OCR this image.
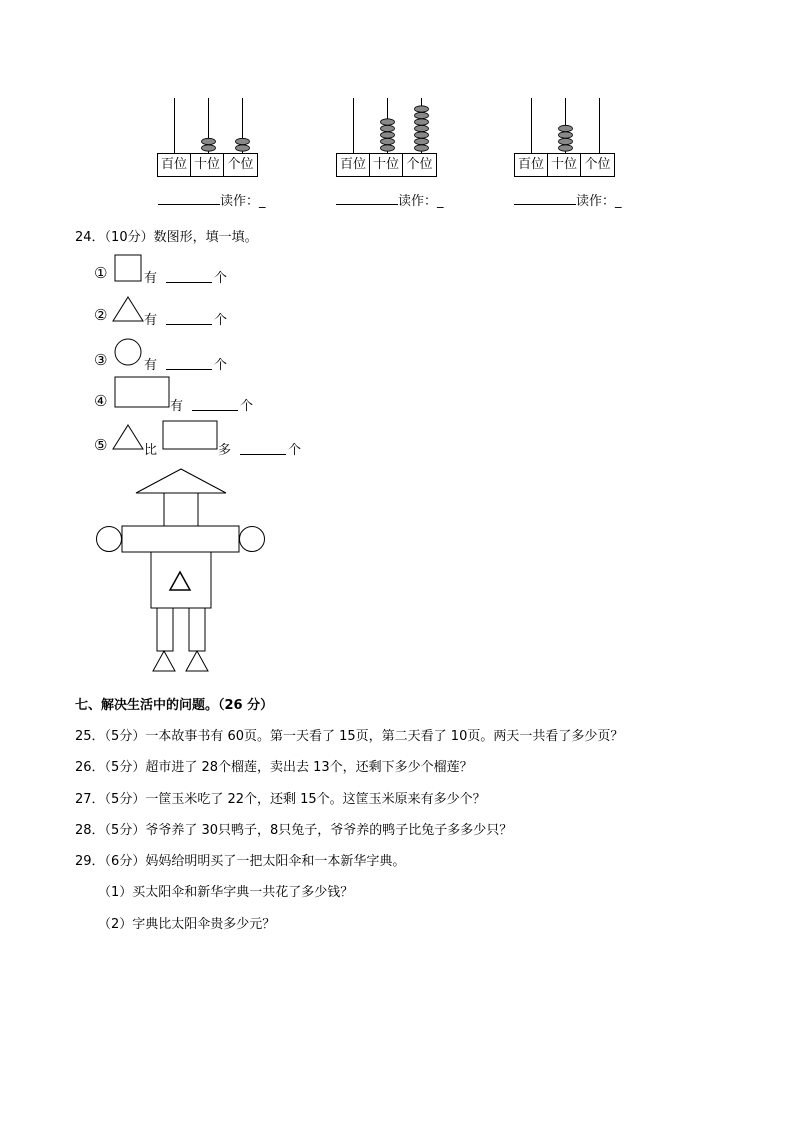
百位 十位 个位
读作：_
百位 十位 个位
读作：_
百位 十位 个位
读作：_
24．（10分）数图形，填一填。
①	有	个
②	有	个
③	有	个
④	有	个
⑤	比	多	个
七、解决生活中的问题。（26 分）
25．（5分）一本故事书有 60页。第一天看了 15页，第二天看了 10页。两天一共看了多少页？
26．（5分）超市进了 28个榴莲，卖出去 13个，还剩下多少个榴莲？
27．（5分）一筐玉米吃了 22个，还剩 15个。这筐玉米原来有多少个？
28．（5分）爷爷养了 30只鸭子，8只兔子，爷爷养的鸭子比兔子多多少只？
29．（6分）妈妈给明明买了一把太阳伞和一本新华字典。
（1）买太阳伞和新华字典一共花了多少钱？
（2）字典比太阳伞贵多少元？
